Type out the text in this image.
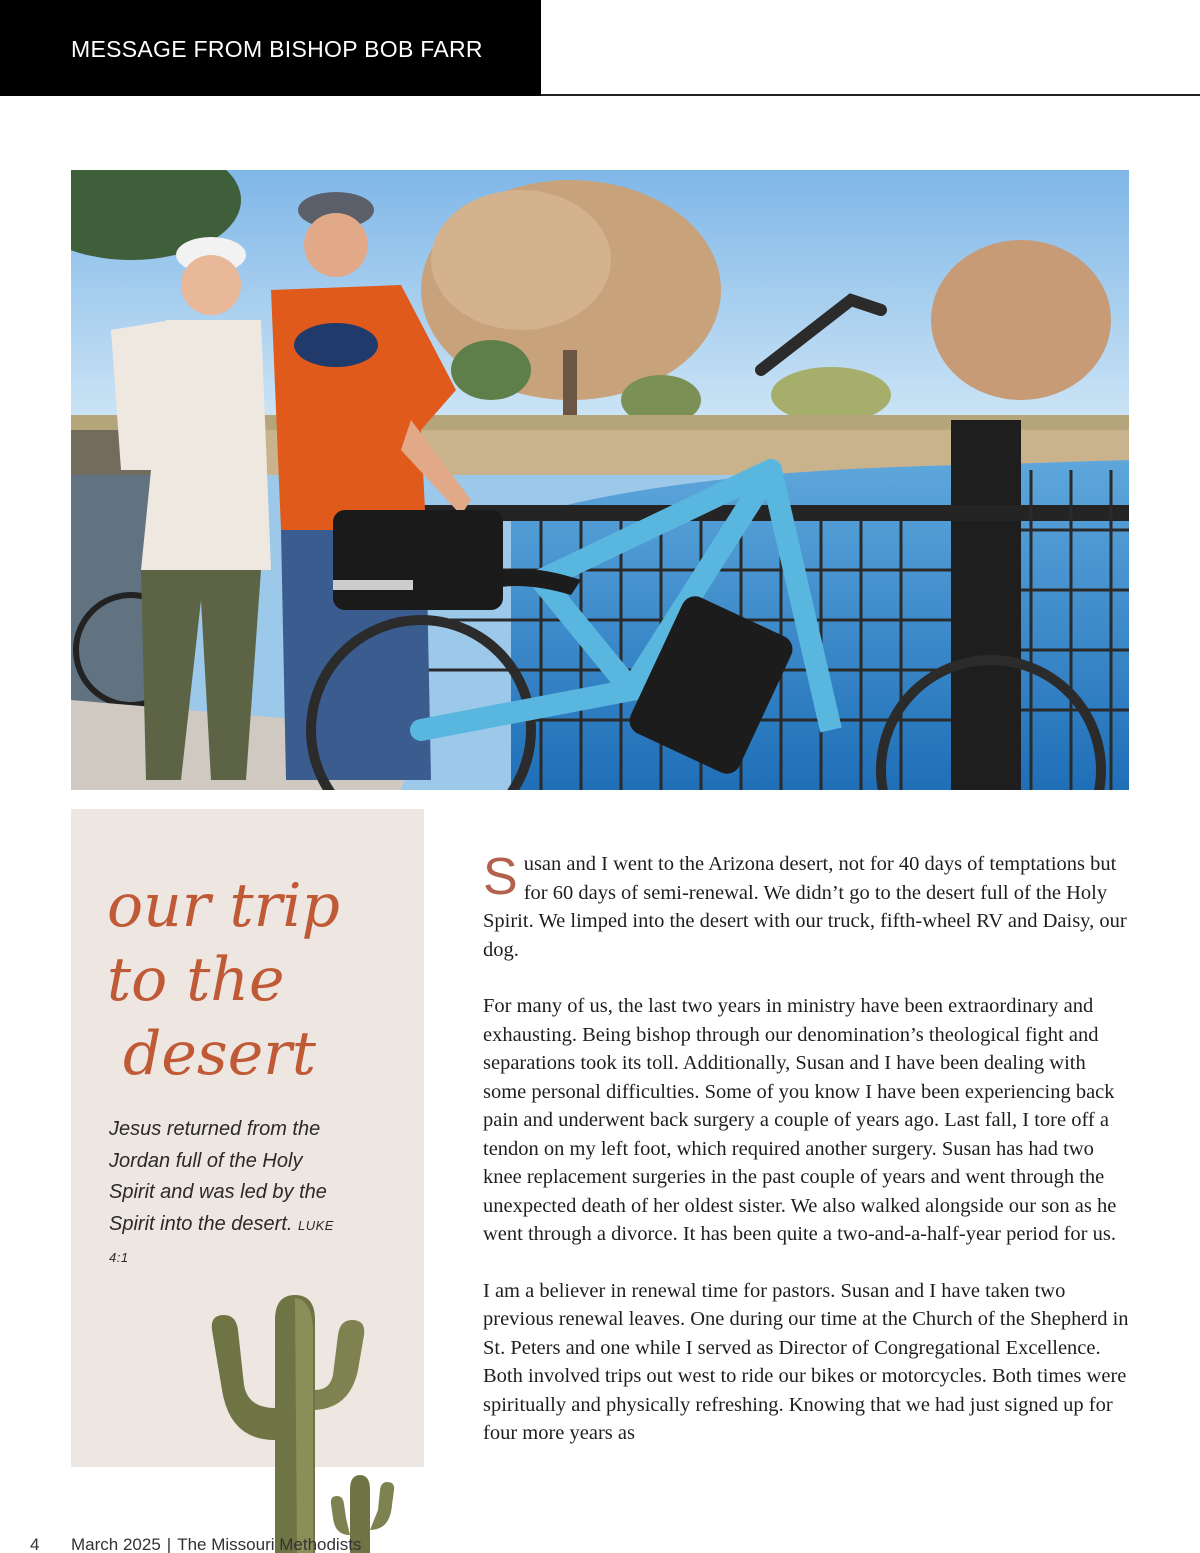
MESSAGE FROM BISHOP BOB FARR
our trip
to the
desert
Jesus returned from the Jordan full of the Holy Spirit and was led by the Spirit into the desert. LUKE 4:1

Susan and I went to the Arizona desert, not for 40 days of temptations but for 60 days of semi-renewal. We didn’t go to the desert full of the Holy Spirit. We limped into the desert with our truck, fifth-wheel RV and Daisy, our dog.

For many of us, the last two years in ministry have been extraordinary and exhausting. Being bishop through our denomination’s theological fight and separations took its toll. Additionally, Susan and I have been dealing with some personal difficulties. Some of you know I have been experiencing back pain and underwent back surgery a couple of years ago. Last fall, I tore off a tendon on my left foot, which required another surgery. Susan has had two knee replacement surgeries in the past couple of years and went through the unexpected death of her oldest sister. We also walked alongside our son as he went through a divorce. It has been quite a two-and-a-half-year period for us.

I am a believer in renewal time for pastors. Susan and I have taken two previous renewal leaves. One during our time at the Church of the Shepherd in St. Peters and one while I served as Director of Congregational Excellence. Both involved trips out west to ride our bikes or motorcycles. Both times were spiritually and physically refreshing. Knowing that we had just signed up for four more years as

4 March 2025 | The Missouri Methodists
